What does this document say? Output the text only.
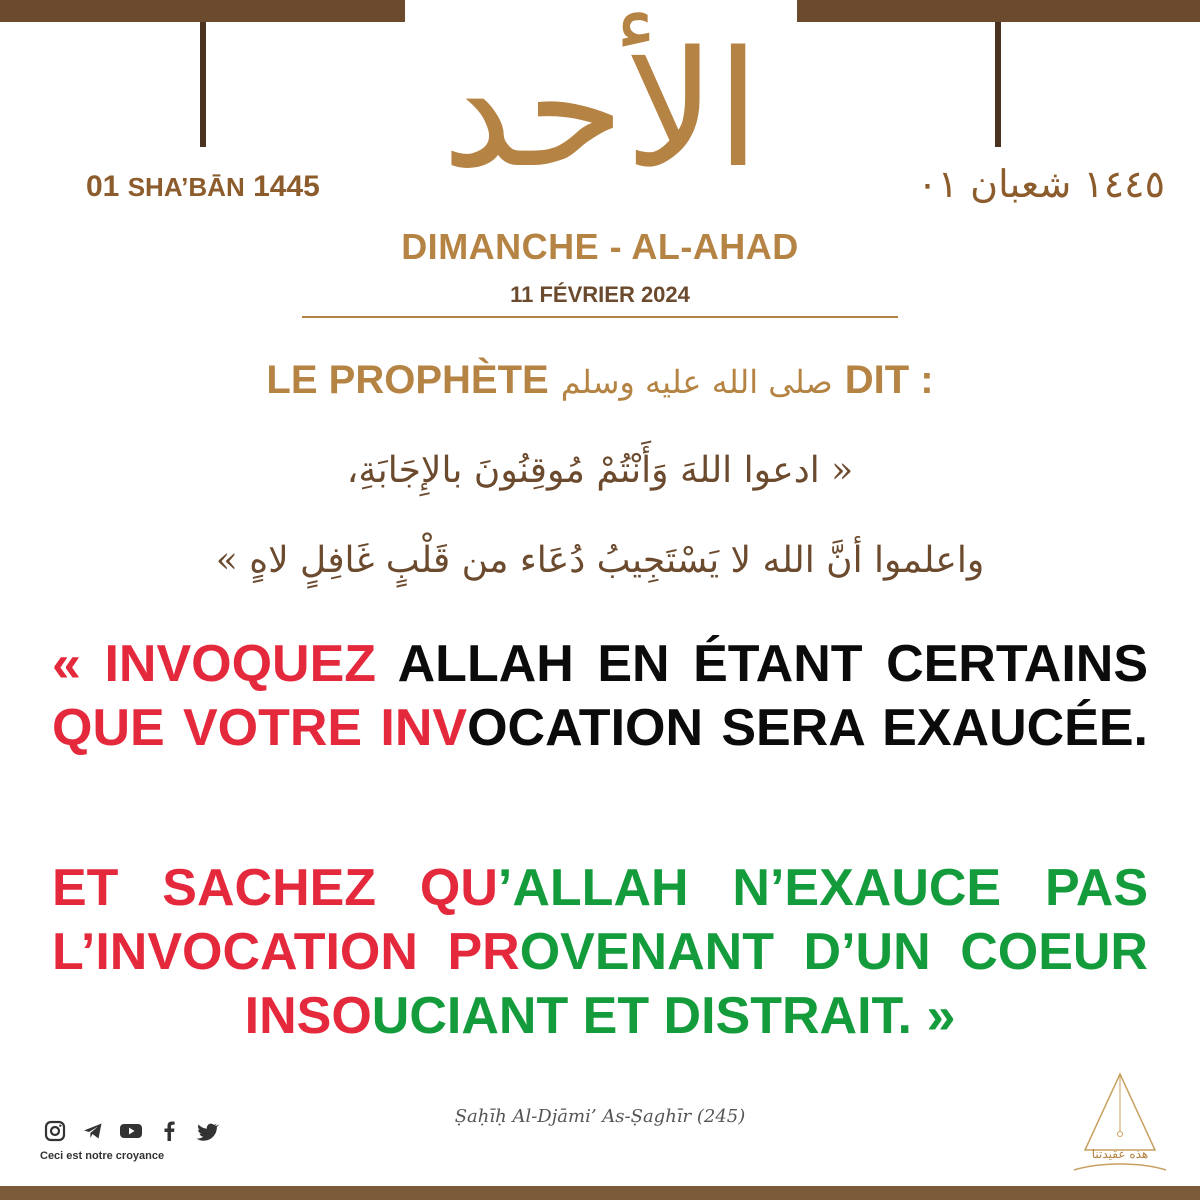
الأحد
01 SHA’BĀN 1445	١٤٤٥ شعبان ٠١
DIMANCHE - AL-AHAD
11 FÉVRIER 2024
LE PROPHÈTE صلى الله عليه وسلم DIT :
« ادعوا اللهَ وَأَنْتُمْ مُوقِنُونَ بالإِجَابَةِ،
واعلموا أنَّ الله لا يَسْتَجِيبُ دُعَاء من قَلْبٍ غَافِلٍ لاهٍ »
« INVOQUEZ ALLAH EN ÉTANT CERTAINS
QUE VOTRE INVOCATION SERA EXAUCÉE.
ET SACHEZ QU’ALLAH N’EXAUCE PAS
L’INVOCATION PROVENANT D’UN COEUR
INSOUCIANT ET DISTRAIT. »
Ṣaḥīḥ Al-Djāmi’ As-Ṣaghīr (245)
Ceci est notre croyance	هذه عقيدتنا
